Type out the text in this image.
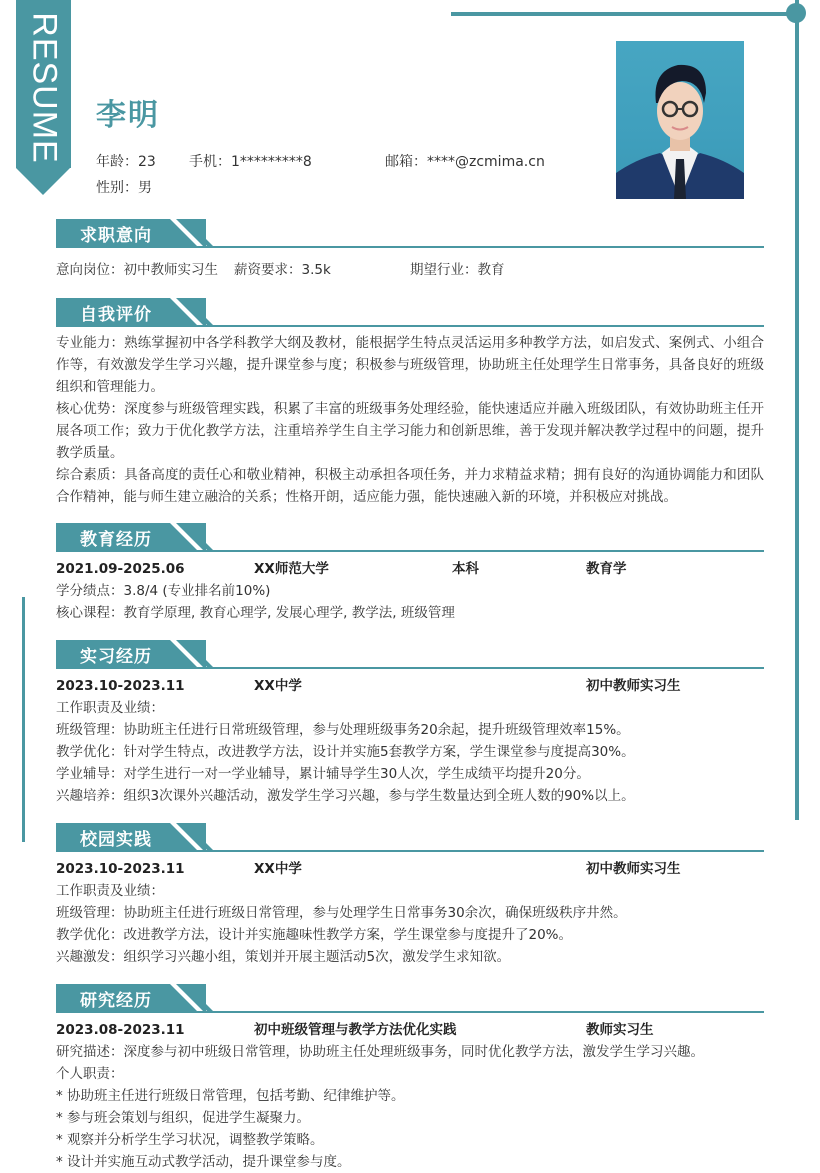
RESUME 李明
年龄：23 手机：1*********8	邮箱：****@zcmima.cn
性别：男
求职意向
意向岗位：初中教师实习生 薪资要求：3.5k	期望行业：教育
自我评价

专业能力：熟练掌握初中各学科教学大纲及教材，能根据学生特点灵活运用多种教学方法，如启发式、案例式、小组合作等，有效激发学生学习兴趣，提升课堂参与度；积极参与班级管理，协助班主任处理学生日常事务，具备良好的班级组织和管理能力。

核心优势：深度参与班级管理实践，积累了丰富的班级事务处理经验，能快速适应并融入班级团队，有效协助班主任开展各项工作；致力于优化教学方法，注重培养学生自主学习能力和创新思维，善于发现并解决教学过程中的问题，提升教学质量。

综合素质：具备高度的责任心和敬业精神，积极主动承担各项任务，并力求精益求精；拥有良好的沟通协调能力和团队合作精神，能与师生建立融洽的关系；性格开朗，适应能力强，能快速融入新的环境，并积极应对挑战。

教育经历
2021.09-2025.06	XX师范大学	本科	教育学
学分绩点：3.8/4 (专业排名前10%)
核心课程：教育学原理, 教育心理学, 发展心理学, 教学法, 班级管理
实习经历
2023.10-2023.11	XX中学	初中教师实习生
工作职责及业绩：
班级管理：协助班主任进行日常班级管理，参与处理班级事务20余起，提升班级管理效率15%。
教学优化：针对学生特点，改进教学方法，设计并实施5套教学方案，学生课堂参与度提高30%。
学业辅导：对学生进行一对一学业辅导，累计辅导学生30人次，学生成绩平均提升20分。
兴趣培养：组织3次课外兴趣活动，激发学生学习兴趣，参与学生数量达到全班人数的90%以上。
校园实践
2023.10-2023.11	XX中学	初中教师实习生
工作职责及业绩：
班级管理：协助班主任进行班级日常管理，参与处理学生日常事务30余次，确保班级秩序井然。
教学优化：改进教学方法，设计并实施趣味性教学方案，学生课堂参与度提升了20%。
兴趣激发：组织学习兴趣小组，策划并开展主题活动5次，激发学生求知欲。
研究经历
2023.08-2023.11	初中班级管理与教学方法优化实践	教师实习生
研究描述：深度参与初中班级日常管理，协助班主任处理班级事务，同时优化教学方法，激发学生学习兴趣。
个人职责：
* 协助班主任进行班级日常管理，包括考勤、纪律维护等。
* 参与班会策划与组织，促进学生凝聚力。
* 观察并分析学生学习状况，调整教学策略。
* 设计并实施互动式教学活动，提升课堂参与度。
